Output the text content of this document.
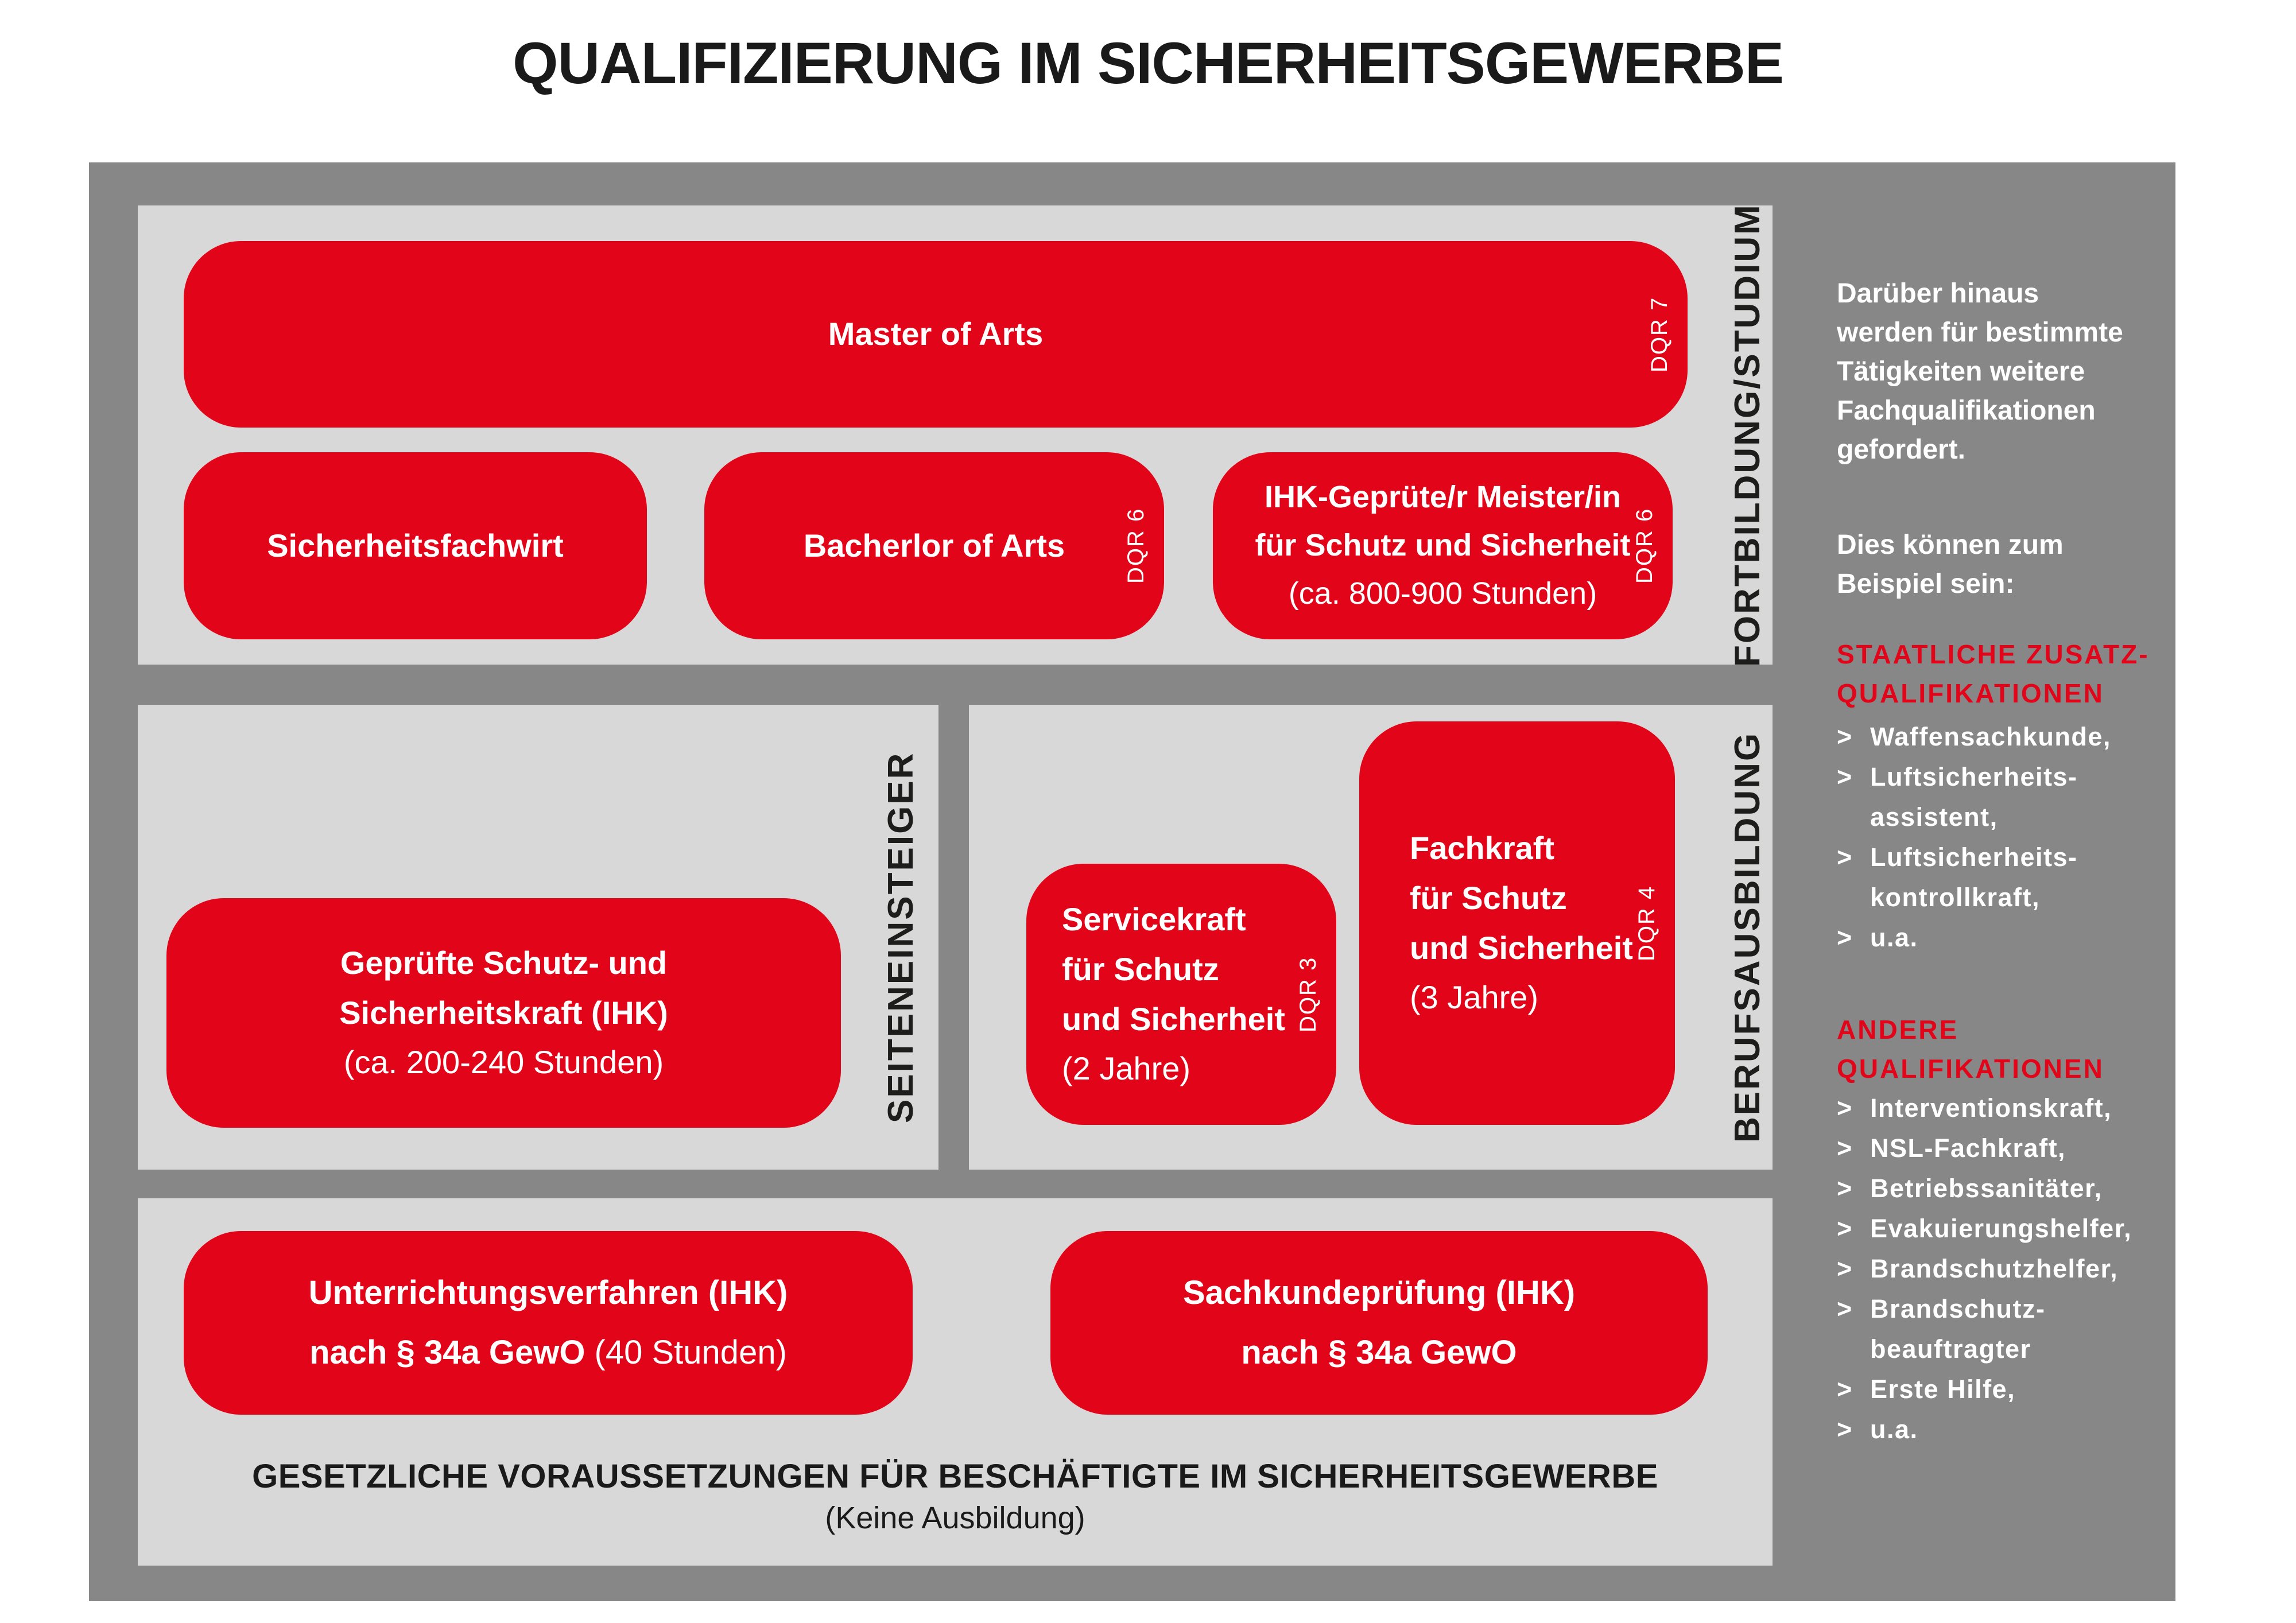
QUALIFIZIERUNG IM SICHERHEITSGEWERBE
Master of Arts	DQR 7
Sicherheitsfachwirt	Bacherlor of Arts	DQR 6
IHK-Geprüte/r Meister/in
für Schutz und Sicherheit
(ca. 800-900 Stunden)
DQR 6 FORTBILDUNG/STUDIUM
Geprüfte Schutz- und
Sicherheitskraft (IHK)
(ca. 200-240 Stunden)	SEITENEINSTEIGER	Servicekraft
für Schutz
und Sicherheit
(2 Jahre)
DQR 3
Fachkraft
für Schutz
und Sicherheit
(3 Jahre)
DQR 4 BERUFSAUSBILDUNG
Unterrichtungsverfahren (IHK)
nach § 34a GewO (40 Stunden)
Sachkundeprüfung (IHK)
nach § 34a GewO
GESETZLICHE VORAUSSETZUNGEN FÜR BESCHÄFTIGTE IM SICHERHEITSGEWERBE
(Keine Ausbildung)
Darüber hinaus
werden für bestimmte
Tätigkeiten weitere
Fachqualifikationen
gefordert.
Dies können zum
Beispiel sein:
STAATLICHE ZUSATZ-
QUALIFIKATIONEN
> Waffensachkunde,
> Luftsicherheits-
assistent,
> Luftsicherheits-
kontrollkraft,
> u.a.
ANDERE
QUALIFIKATIONEN
> Interventionskraft,
> NSL-Fachkraft,
> Betriebssanitäter,
> Evakuierungshelfer,
> Brandschutzhelfer,
> Brandschutz-
beauftragter
> Erste Hilfe,
> u.a.
